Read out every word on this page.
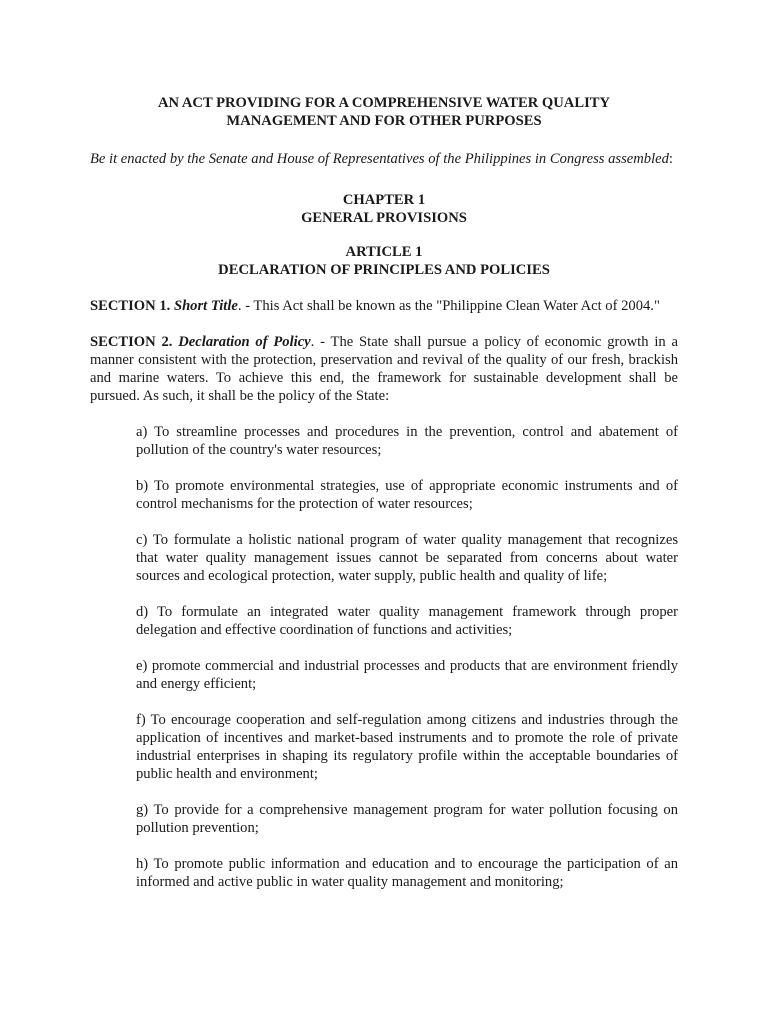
AN ACT PROVIDING FOR A COMPREHENSIVE WATER QUALITY
MANAGEMENT AND FOR OTHER PURPOSES

Be it enacted by the Senate and House of Representatives of the Philippines in Congress assembled:

CHAPTER 1
GENERAL PROVISIONS
ARTICLE 1
DECLARATION OF PRINCIPLES AND POLICIES

SECTION 1. Short Title. - This Act shall be known as the "Philippine Clean Water Act of 2004."

SECTION 2. Declaration of Policy. - The State shall pursue a policy of economic growth in a manner consistent with the protection, preservation and revival of the quality of our fresh, brackish and marine waters. To achieve this end, the framework for sustainable development shall be pursued. As such, it shall be the policy of the State:

a) To streamline processes and procedures in the prevention, control and abatement of pollution of the country's water resources;
b) To promote environmental strategies, use of appropriate economic instruments and of control mechanisms for the protection of water resources;
c) To formulate a holistic national program of water quality management that recognizes that water quality management issues cannot be separated from concerns about water sources and ecological protection, water supply, public health and quality of life;
d) To formulate an integrated water quality management framework through proper delegation and effective coordination of functions and activities;
e) promote commercial and industrial processes and products that are environment friendly and energy efficient;
f) To encourage cooperation and self-regulation among citizens and industries through the application of incentives and market-based instruments and to promote the role of private industrial enterprises in shaping its regulatory profile within the acceptable boundaries of public health and environment;
g) To provide for a comprehensive management program for water pollution focusing on pollution prevention;
h) To promote public information and education and to encourage the participation of an informed and active public in water quality management and monitoring;
